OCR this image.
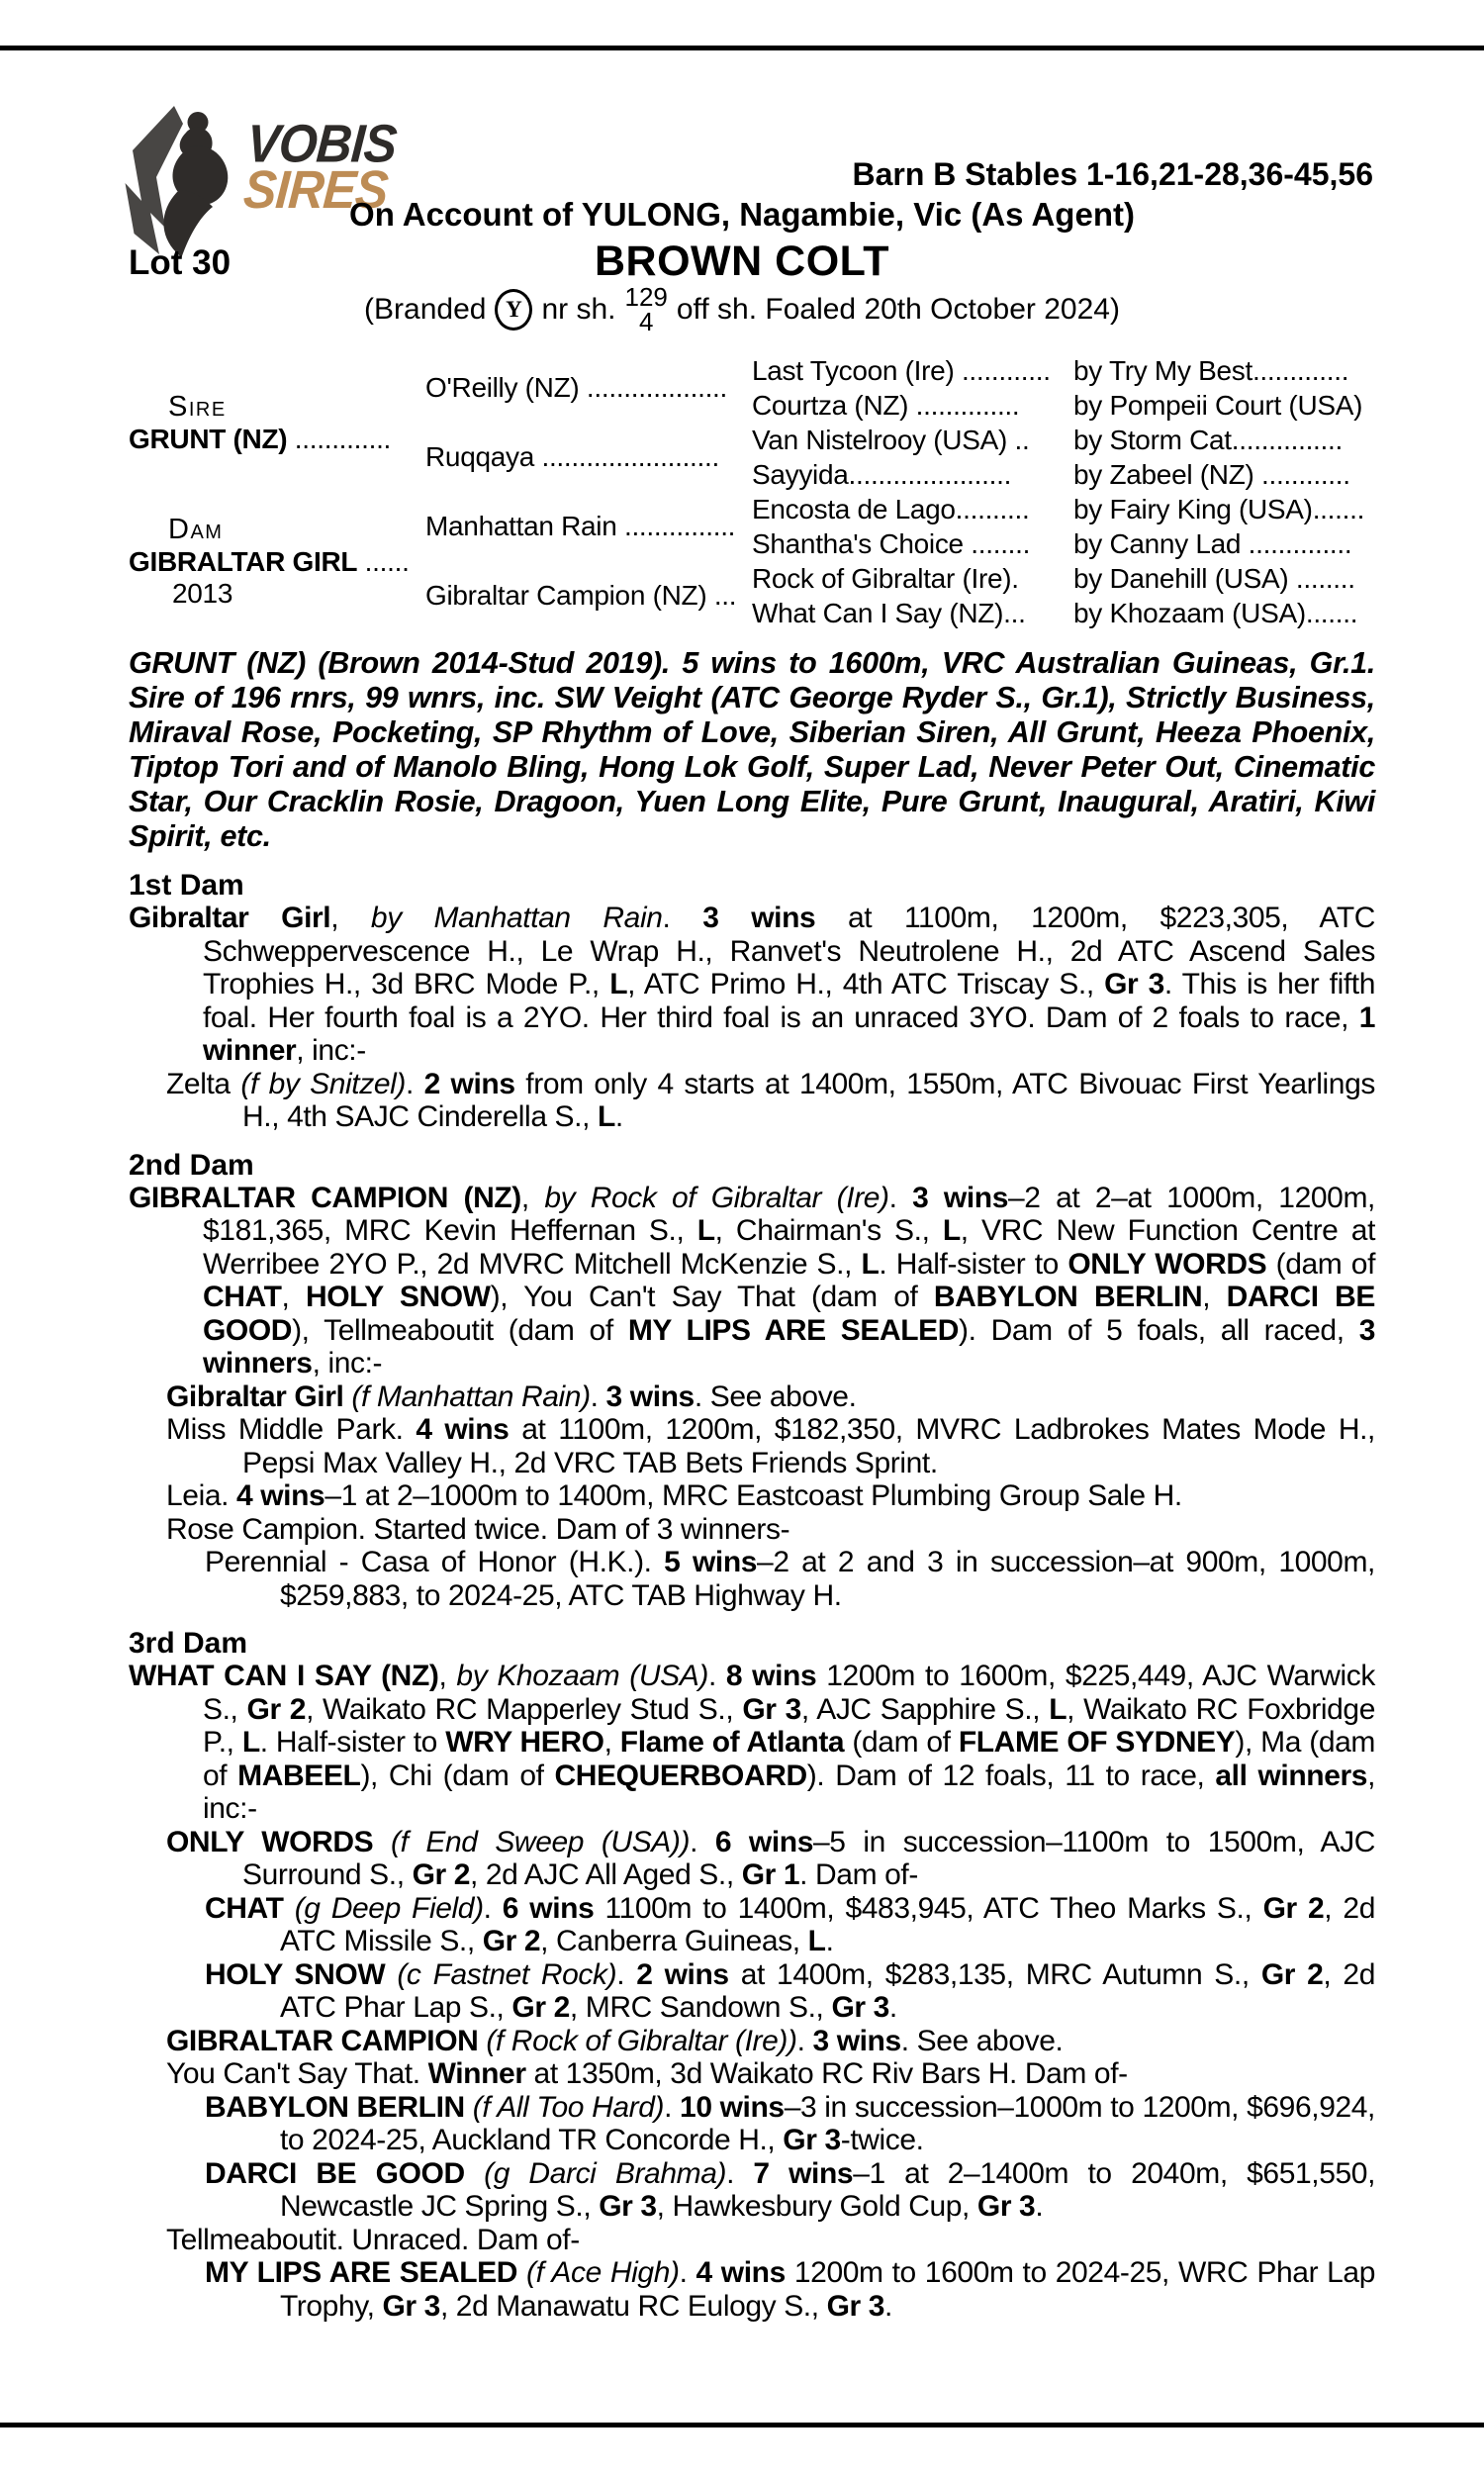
VOBIS
SIRES	Barn B Stables 1-16,21-28,36-45,56
On Account of YULONG, Nagambie, Vic (As Agent)
Lot 30	BROWN COLT
(Branded Y nr sh. 129
4 off sh. Foaled 20th October 2024)
Sire
GRUNT (NZ) .............
Dam
GIBRALTAR GIRL ......
2013
O'Reilly (NZ) ...................
Ruqqaya ........................
Manhattan Rain ...............
Gibraltar Campion (NZ) ...
Last Tycoon (Ire) ............
Courtza (NZ) ..............
Van Nistelrooy (USA) ..
Sayyida......................
Encosta de Lago..........
Shantha's Choice ........
Rock of Gibraltar (Ire).
What Can I Say (NZ)...
by Try My Best.............
by Pompeii Court (USA)
by Storm Cat...............
by Zabeel (NZ) ............
by Fairy King (USA).......
by Canny Lad ..............
by Danehill (USA) ........
by Khozaam (USA).......

GRUNT (NZ) (Brown 2014-Stud 2019). 5 wins to 1600m, VRC Australian Guineas, Gr.1. Sire of 196 rnrs, 99 wnrs, inc. SW Veight (ATC George Ryder S., Gr.1), Strictly Business, Miraval Rose, Pocketing, SP Rhythm of Love, Siberian Siren, All Grunt, Heeza Phoenix, Tiptop Tori and of Manolo Bling, Hong Lok Golf, Super Lad, Never Peter Out, Cinematic Star, Our Cracklin Rosie, Dragoon, Yuen Long Elite, Pure Grunt, Inaugural, Aratiri, Kiwi Spirit, etc.

1st Dam

Gibraltar Girl, by Manhattan Rain. 3 wins at 1100m, 1200m, $223,305, ATC Schweppervescence H., Le Wrap H., Ranvet's Neutrolene H., 2d ATC Ascend Sales Trophies H., 3d BRC Mode P., L, ATC Primo H., 4th ATC Triscay S., Gr 3. This is her fifth foal. Her fourth foal is a 2YO. Her third foal is an unraced 3YO. Dam of 2 foals to race, 1 winner, inc:-

Zelta (f by Snitzel). 2 wins from only 4 starts at 1400m, 1550m, ATC Bivouac First Yearlings H., 4th SAJC Cinderella S., L.

2nd Dam

GIBRALTAR CAMPION (NZ), by Rock of Gibraltar (Ire). 3 wins–2 at 2–at 1000m, 1200m, $181,365, MRC Kevin Heffernan S., L, Chairman's S., L, VRC New Function Centre at Werribee 2YO P., 2d MVRC Mitchell McKenzie S., L. Half-sister to ONLY WORDS (dam of CHAT, HOLY SNOW), You Can't Say That (dam of BABYLON BERLIN, DARCI BE GOOD), Tellmeaboutit (dam of MY LIPS ARE SEALED). Dam of 5 foals, all raced, 3 winners, inc:-

Gibraltar Girl (f Manhattan Rain). 3 wins. See above.

Miss Middle Park. 4 wins at 1100m, 1200m, $182,350, MVRC Ladbrokes Mates Mode H., Pepsi Max Valley H., 2d VRC TAB Bets Friends Sprint.

Leia. 4 wins–1 at 2–1000m to 1400m, MRC Eastcoast Plumbing Group Sale H.

Rose Campion. Started twice. Dam of 3 winners-

Perennial - Casa of Honor (H.K.). 5 wins–2 at 2 and 3 in succession–at 900m, 1000m, $259,883, to 2024-25, ATC TAB Highway H.

3rd Dam

WHAT CAN I SAY (NZ), by Khozaam (USA). 8 wins 1200m to 1600m, $225,449, AJC Warwick S., Gr 2, Waikato RC Mapperley Stud S., Gr 3, AJC Sapphire S., L, Waikato RC Foxbridge P., L. Half-sister to WRY HERO, Flame of Atlanta (dam of FLAME OF SYDNEY), Ma (dam of MABEEL), Chi (dam of CHEQUERBOARD). Dam of 12 foals, 11 to race, all winners, inc:-

ONLY WORDS (f End Sweep (USA)). 6 wins–5 in succession–1100m to 1500m, AJC Surround S., Gr 2, 2d AJC All Aged S., Gr 1. Dam of-

CHAT (g Deep Field). 6 wins 1100m to 1400m, $483,945, ATC Theo Marks S., Gr 2, 2d ATC Missile S., Gr 2, Canberra Guineas, L.

HOLY SNOW (c Fastnet Rock). 2 wins at 1400m, $283,135, MRC Autumn S., Gr 2, 2d ATC Phar Lap S., Gr 2, MRC Sandown S., Gr 3.

GIBRALTAR CAMPION (f Rock of Gibraltar (Ire)). 3 wins. See above.

You Can't Say That. Winner at 1350m, 3d Waikato RC Riv Bars H. Dam of-

BABYLON BERLIN (f All Too Hard). 10 wins–3 in succession–1000m to 1200m, $696,924, to 2024-25, Auckland TR Concorde H., Gr 3-twice.

DARCI BE GOOD (g Darci Brahma). 7 wins–1 at 2–1400m to 2040m, $651,550, Newcastle JC Spring S., Gr 3, Hawkesbury Gold Cup, Gr 3.

Tellmeaboutit. Unraced. Dam of-

MY LIPS ARE SEALED (f Ace High). 4 wins 1200m to 1600m to 2024-25, WRC Phar Lap Trophy, Gr 3, 2d Manawatu RC Eulogy S., Gr 3.
